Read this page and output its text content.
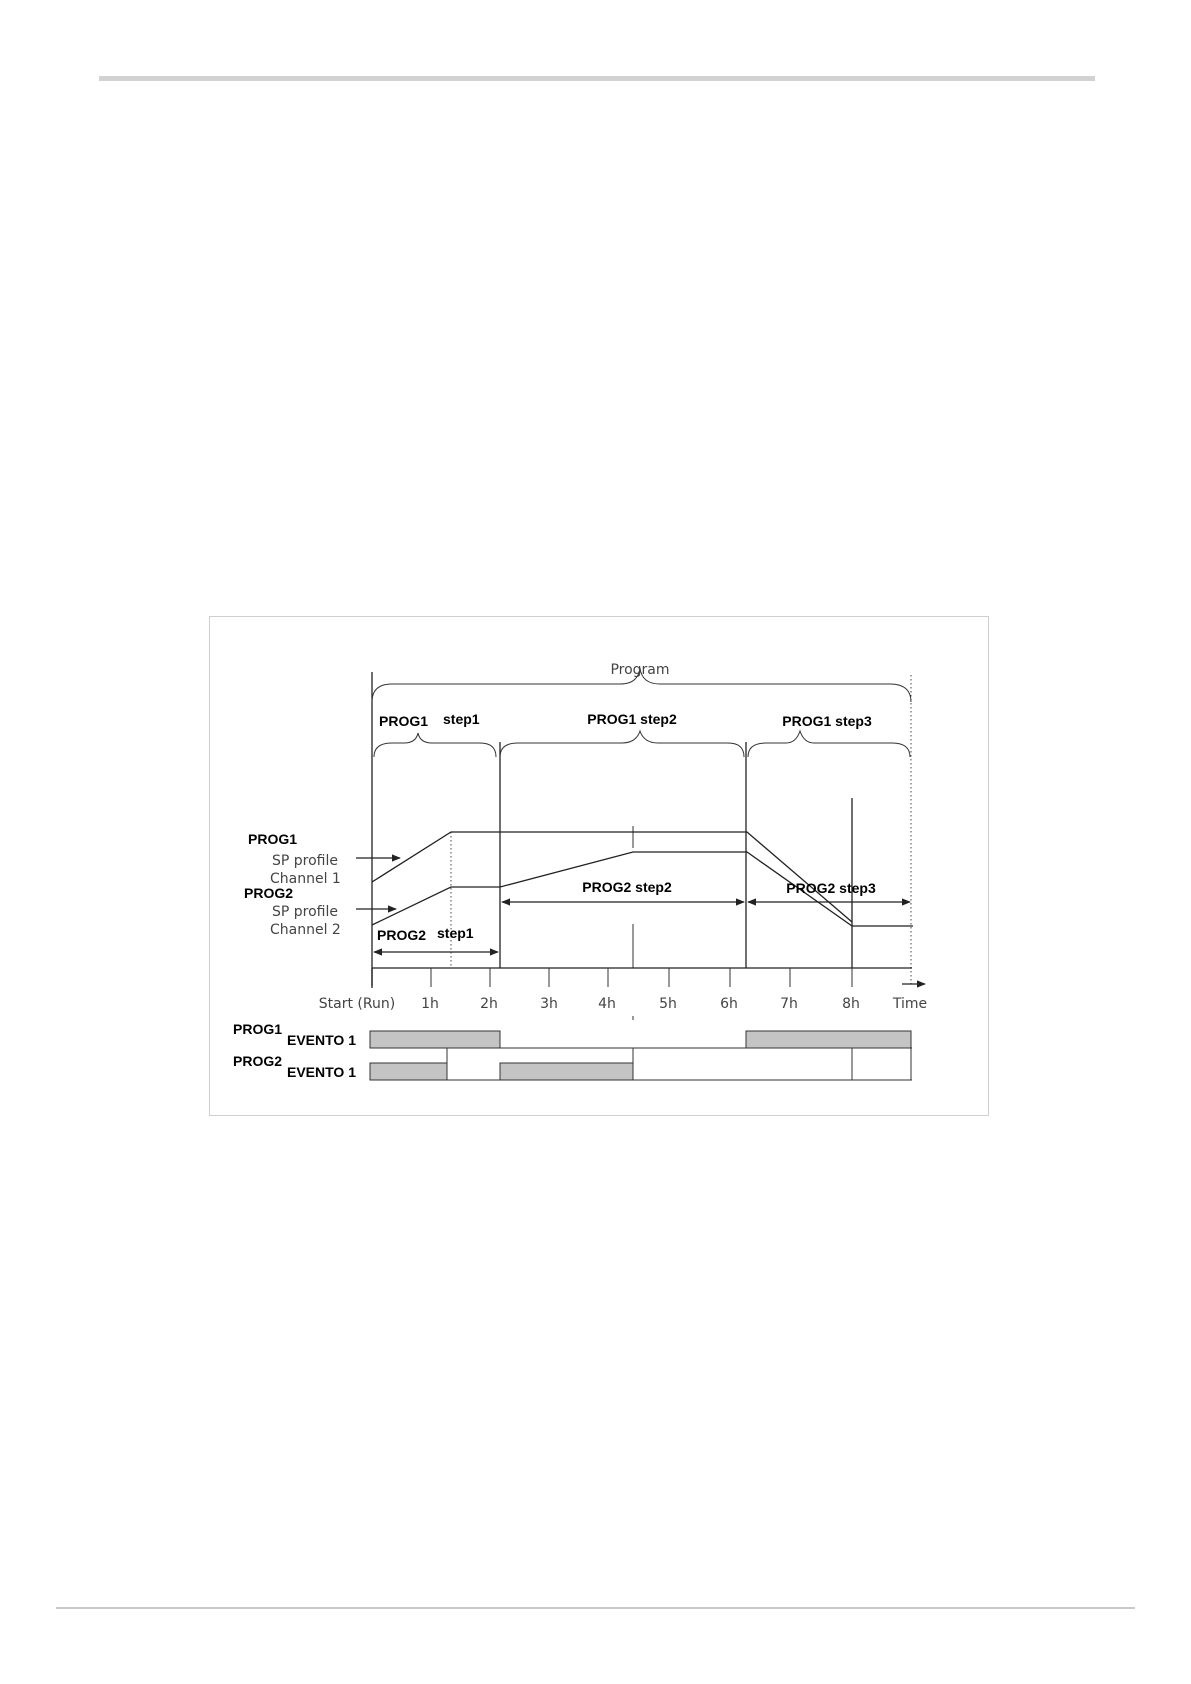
Program
PROG1 step1	PROG1 step2	PROG1 step3
PROG1
SP profile
Channel 1
PROG2
SP profile
Channel 2	PROG2 step1
PROG2 step2	PROG2 step3
Start (Run) 1h	2h	3h	4h	5h	6h	7h	8h Time
PROG1
EVENTO 1
PROG2
EVENTO 1
